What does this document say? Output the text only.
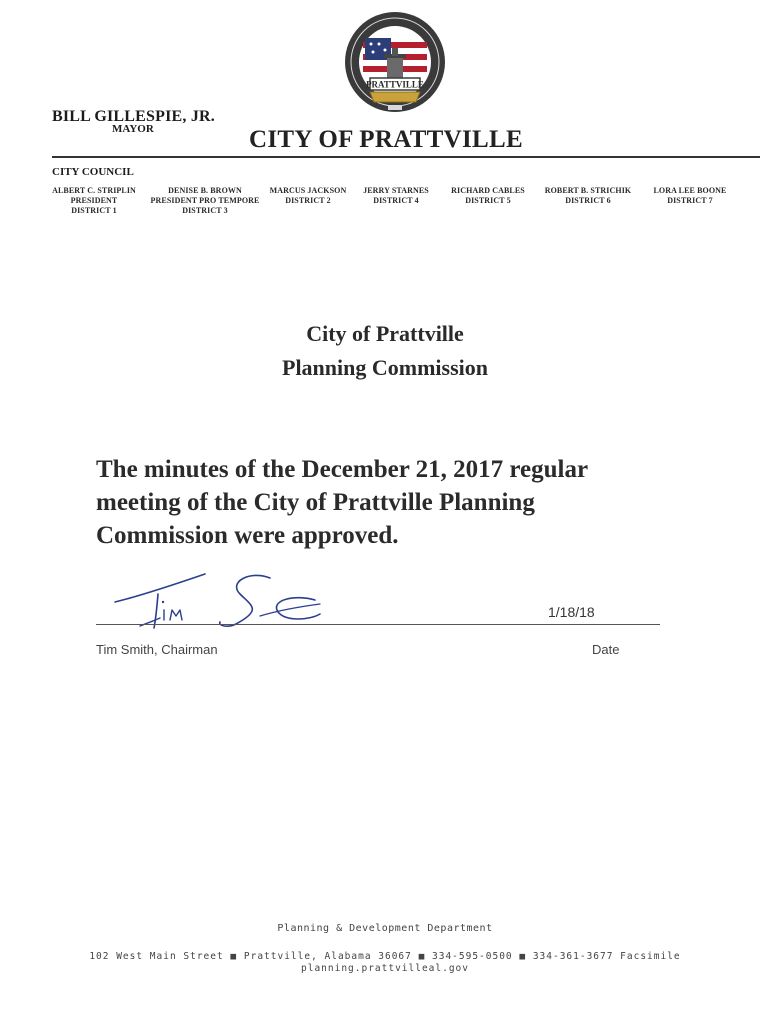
PRATTVILLE
BILL GILLESPIE, JR.
MAYOR	CITY OF PRATTVILLE
CITY COUNCIL
ALBERT C. STRIPLIN
PRESIDENT
DISTRICT 1
DENISE B. BROWN
PRESIDENT PRO TEMPORE
DISTRICT 3
MARCUS JACKSON
DISTRICT 2
JERRY STARNES
DISTRICT 4
RICHARD CABLES
DISTRICT 5
ROBERT B. STRICHIK
DISTRICT 6
LORA LEE BOONE
DISTRICT 7
City of Prattville
Planning Commission
The minutes of the December 21, 2017 regular meeting of the City of Prattville Planning Commission were approved.
1/18/18
Tim Smith, Chairman	Date
Planning & Development Department
102 West Main Street ■ Prattville, Alabama 36067 ■ 334-595-0500 ■ 334-361-3677 Facsimile
planning.prattvilleal.gov
